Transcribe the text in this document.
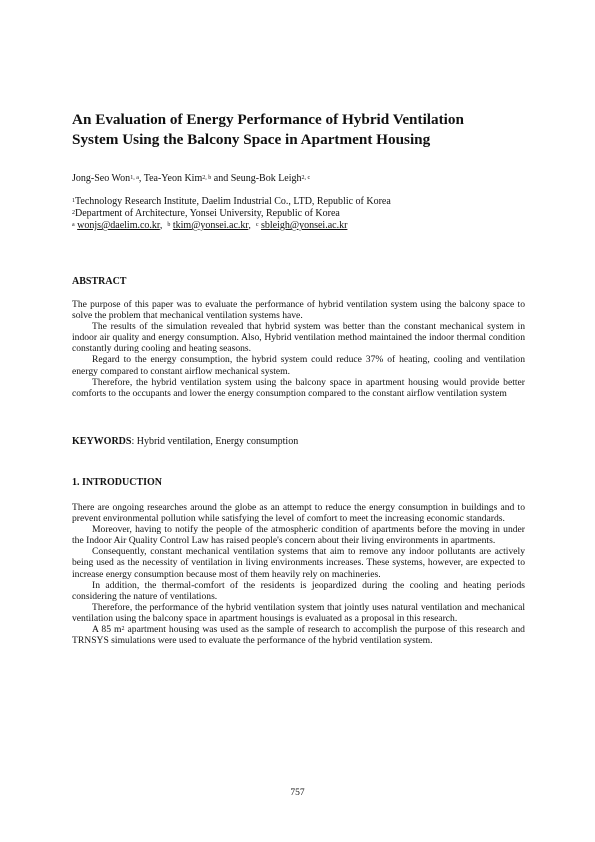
An Evaluation of Energy Performance of Hybrid Ventilation
System Using the Balcony Space in Apartment Housing
Jong-Seo Won$^{1, a}$, Tea-Yeon Kim$^{2, b}$ and Seung-Bok Leigh$^{2, c}$
$^1$Technology Research Institute, Daelim Industrial Co., LTD, Republic of Korea
$^2$Department of Architecture, Yonsei University, Republic of Korea
$^a$ wonjs@daelim.co.kr,  $^b$ tkim@yonsei.ac.kr,  $^c$ sbleigh@yonsei.ac.kr
ABSTRACT

The purpose of this paper was to evaluate the performance of hybrid ventilation system using the balcony space to solve the problem that mechanical ventilation systems have.

The results of the simulation revealed that hybrid system was better than the constant mechanical system in indoor air quality and energy consumption. Also, Hybrid ventilation method maintained the indoor thermal condition constantly during cooling and heating seasons.

Regard to the energy consumption, the hybrid system could reduce 37% of heating, cooling and ventilation energy compared to constant airflow mechanical system.

Therefore, the hybrid ventilation system using the balcony space in apartment housing would provide better comforts to the occupants and lower the energy consumption compared to the constant airflow ventilation system

KEYWORDS: Hybrid ventilation, Energy consumption
1. INTRODUCTION

There are ongoing researches around the globe as an attempt to reduce the energy consumption in buildings and to prevent environmental pollution while satisfying the level of comfort to meet the increasing economic standards.

Moreover, having to notify the people of the atmospheric condition of apartments before the moving in under the Indoor Air Quality Control Law has raised people's concern about their living environments in apartments.

Consequently, constant mechanical ventilation systems that aim to remove any indoor pollutants are actively being used as the necessity of ventilation in living environments increases. These systems, however, are expected to increase energy consumption because most of them heavily rely on machineries.

In addition, the thermal-comfort of the residents is jeopardized during the cooling and heating periods considering the nature of ventilations.

Therefore, the performance of the hybrid ventilation system that jointly uses natural ventilation and mechanical ventilation using the balcony space in apartment housings is evaluated as a proposal in this research.

A 85 $m^2$ apartment housing was used as the sample of research to accomplish the purpose of this research and TRNSYS simulations were used to evaluate the performance of the hybrid ventilation system.

757
